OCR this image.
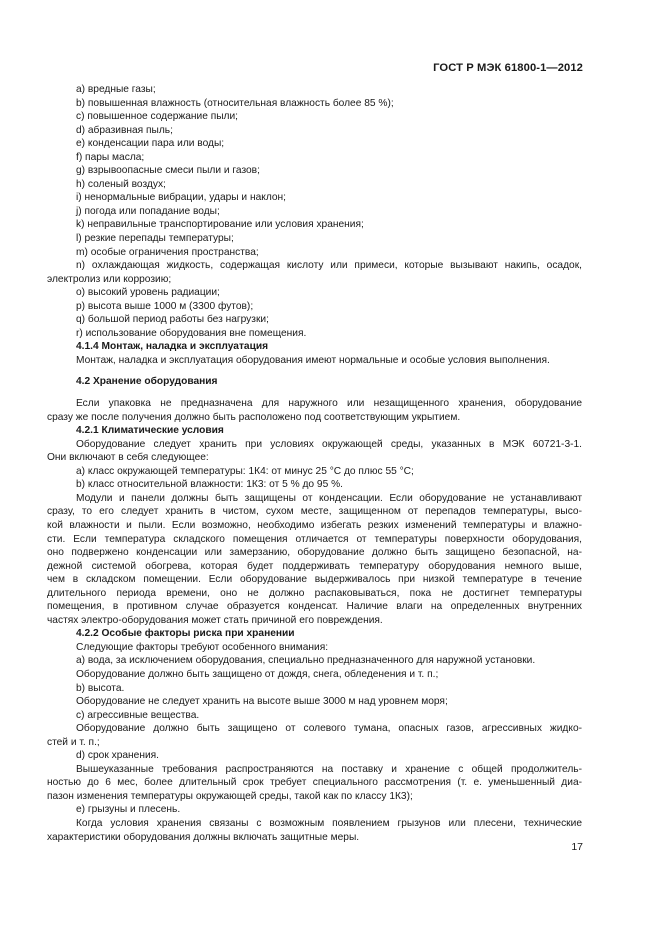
ГОСТ Р МЭК 61800-1—2012
a) вредные газы;
b) повышенная влажность (относительная влажность более 85 %);
c) повышенное содержание пыли;
d) абразивная пыль;
e) конденсации пара или воды;
f) пары масла;
g) взрывоопасные смеси пыли и газов;
h) соленый воздух;
i) ненормальные вибрации, удары и наклон;
j) погода или попадание воды;
k) неправильные транспортирование или условия хранения;
l) резкие перепады температуры;
m) особые ограничения пространства;
n) охлаждающая жидкость, содержащая кислоту или примеси, которые вызывают накипь, осадок,
электролиз или коррозию;
o) высокий уровень радиации;
p) высота выше 1000 м (3300 футов);
q) большой период работы без нагрузки;
r) использование оборудования вне помещения.
4.1.4 Монтаж, наладка и эксплуатация
Монтаж, наладка и эксплуатация оборудования имеют нормальные и особые условия выполнения.
4.2 Хранение оборудования
Если упаковка не предназначена для наружного или незащищенного хранения, оборудование
сразу же после получения должно быть расположено под соответствующим укрытием.
4.2.1 Климатические условия
Оборудование следует хранить при условиях окружающей среды, указанных в МЭК 60721-3-1.
Они включают в себя следующее:
a) класс окружающей температуры: 1К4: от минус 25 °С до плюс 55 °С;
b) класс относительной влажности: 1К3: от 5 % до 95 %.
Модули и панели должны быть защищены от конденсации. Если оборудование не устанавливают
сразу, то его следует хранить в чистом, сухом месте, защищенном от перепадов температуры, высо-
кой влажности и пыли. Если возможно, необходимо избегать резких изменений температуры и влажно-
сти. Если температура складского помещения отличается от температуры поверхности оборудования,
оно подвержено конденсации или замерзанию, оборудование должно быть защищено безопасной, на-
дежной системой обогрева, которая будет поддерживать температуру оборудования немного выше,
чем в складском помещении. Если оборудование выдерживалось при низкой температуре в течение
длительного периода времени, оно не должно распаковываться, пока не достигнет температуры
помещения, в противном случае образуется конденсат. Наличие влаги на определенных внутренних
частях электро-оборудования может стать причиной его повреждения.
4.2.2 Особые факторы риска при хранении
Следующие факторы требуют особенного внимания:
a) вода, за исключением оборудования, специально предназначенного для наружной установки.
Оборудование должно быть защищено от дождя, снега, обледенения и т. п.;
b) высота.
Оборудование не следует хранить на высоте выше 3000 м над уровнем моря;
c) агрессивные вещества.
Оборудование должно быть защищено от солевого тумана, опасных газов, агрессивных жидко-
стей и т. п.;
d) срок хранения.
Вышеуказанные требования распространяются на поставку и хранение с общей продолжитель-
ностью до 6 мес, более длительный срок требует специального рассмотрения (т. е. уменьшенный диа-
пазон изменения температуры окружающей среды, такой как по классу 1К3);
e) грызуны и плесень.
Когда условия хранения связаны с возможным появлением грызунов или плесени, технические
характеристики оборудования должны включать защитные меры.
17
